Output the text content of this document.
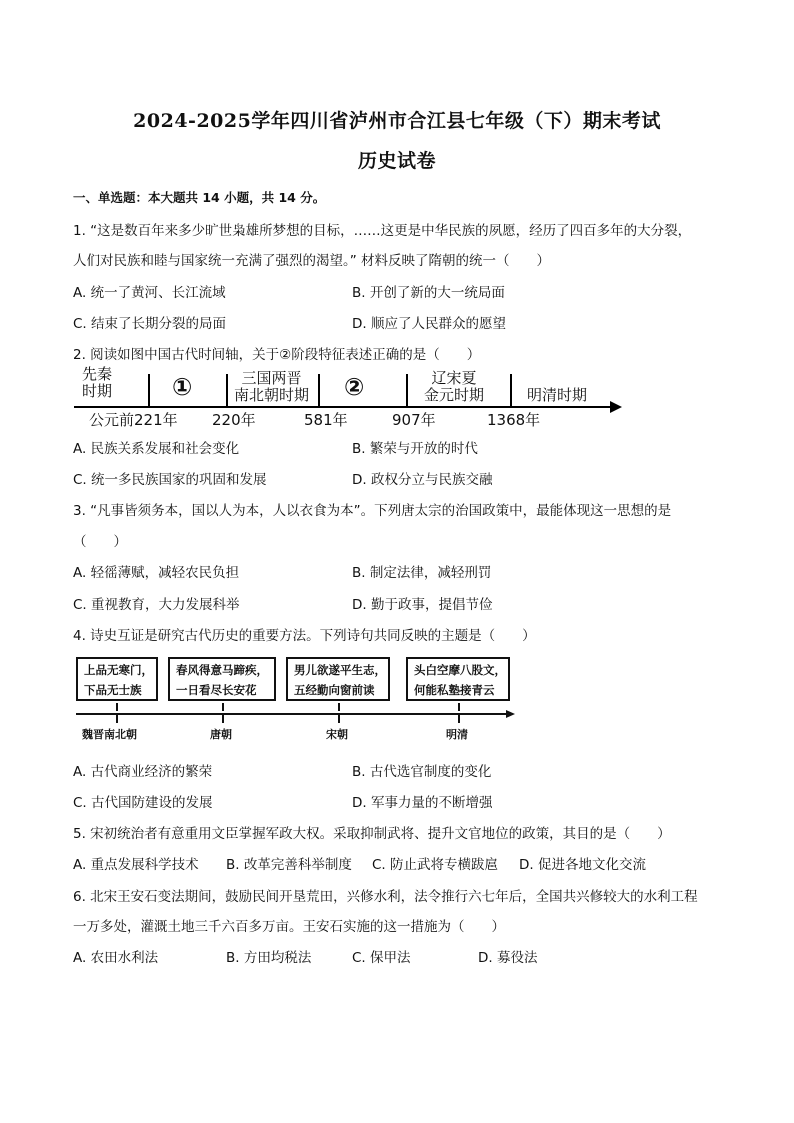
2024-2025学年四川省泸州市合江县七年级（下）期末考试
历史试卷
一、单选题：本大题共 14 小题，共 14 分。
1. “这是数百年来多少旷世枭雄所梦想的目标，……这更是中华民族的夙愿，经历了四百多年的大分裂，
人们对民族和睦与国家统一充满了强烈的渴望。” 材料反映了隋朝的统一（　　）
A. 统一了黄河、长江流域	B. 开创了新的大一统局面
C. 结束了长期分裂的局面	D. 顺应了人民群众的愿望
2. 阅读如图中国古代时间轴，关于②阶段特征表述正确的是（　　）
先秦
时期 ①	三国两晋
南北朝时期 ②	辽宋夏
金元时期	明清时期
公元前221年 220年	581年	907年	1368年
A. 民族关系发展和社会变化	B. 繁荣与开放的时代
C. 统一多民族国家的巩固和发展	D. 政权分立与民族交融
3. “凡事皆须务本，国以人为本，人以衣食为本”。下列唐太宗的治国政策中，最能体现这一思想的是
（　　）
A. 轻徭薄赋，减轻农民负担	B. 制定法律，减轻刑罚
C. 重视教育，大力发展科举	D. 勤于政事，提倡节俭
4. 诗史互证是研究古代历史的重要方法。下列诗句共同反映的主题是（　　）
上品无寒门，
下品无士族
春风得意马蹄疾，
一日看尽长安花
男儿欲遂平生志，
五经勤向窗前读
头白空摩八股文，
何能私塾接青云
魏晋南北朝	唐朝	宋朝	明清
A. 古代商业经济的繁荣	B. 古代选官制度的变化
C. 古代国防建设的发展	D. 军事力量的不断增强
5. 宋初统治者有意重用文臣掌握军政大权。采取抑制武将、提升文官地位的政策，其目的是（　　）
A. 重点发展科学技术 B. 改革完善科举制度 C. 防止武将专横跋扈 D. 促进各地文化交流
6. 北宋王安石变法期间，鼓励民间开垦荒田，兴修水利，法令推行六七年后，全国共兴修较大的水利工程
一万多处，灌溉土地三千六百多万亩。王安石实施的这一措施为（　　）
A. 农田水利法	B. 方田均税法	C. 保甲法	D. 募役法
